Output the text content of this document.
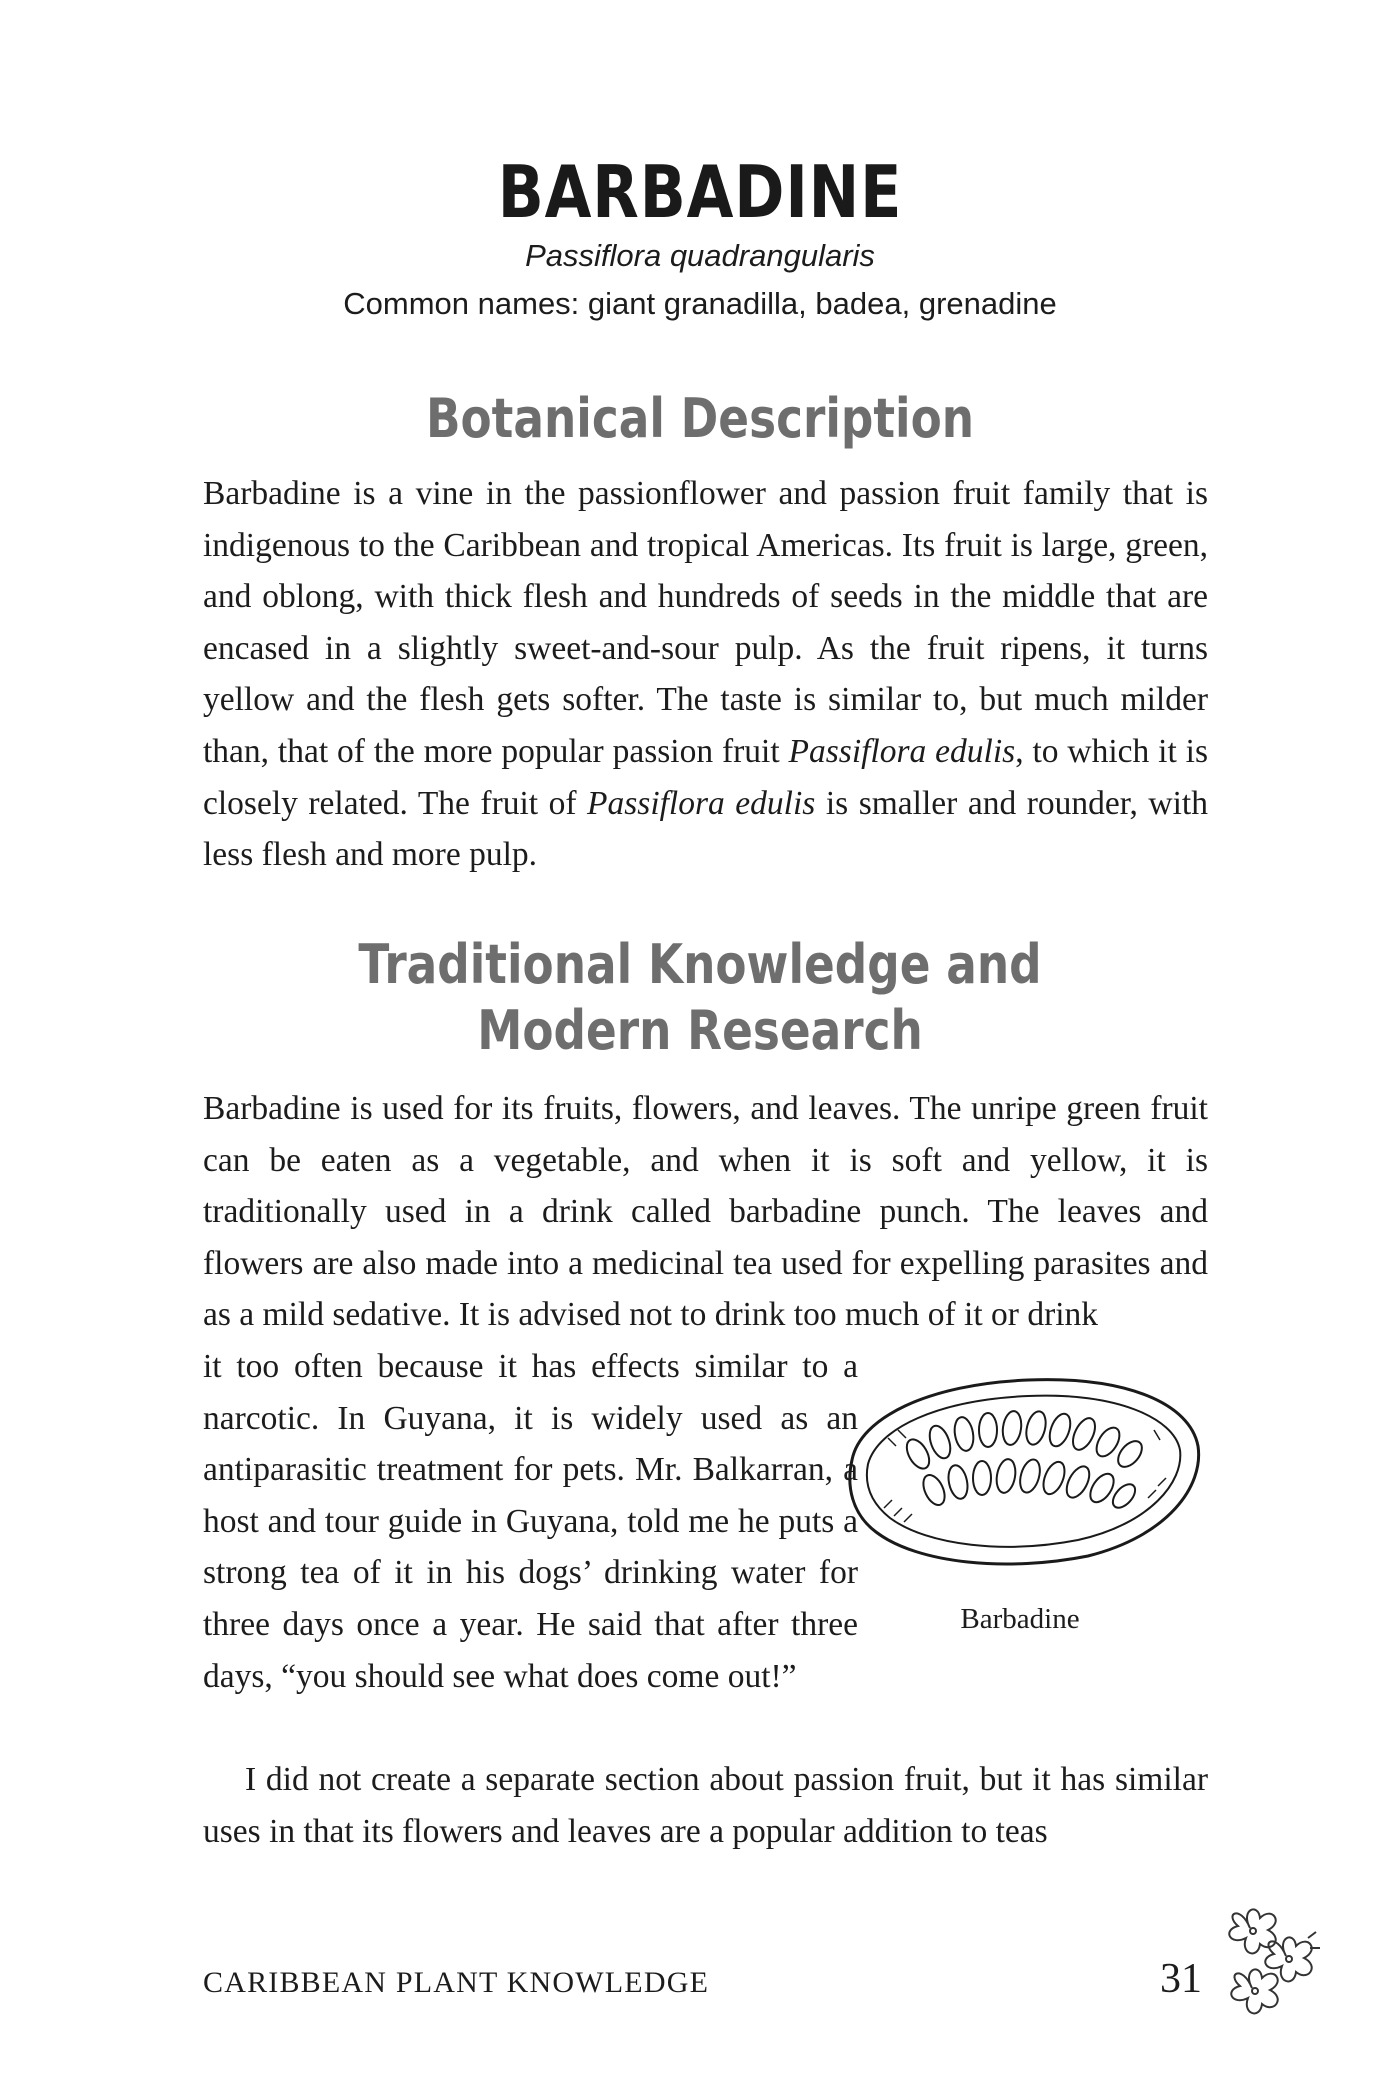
BARBADINE
Passiflora quadrangularis
Common names: giant granadilla, badea, grenadine
Botanical Description

Barbadine is a vine in the passionflower and passion fruit family that is indigenous to the Caribbean and tropical Americas. Its fruit is large, green, and oblong, with thick flesh and hundreds of seeds in the middle that are encased in a slightly sweet-and-sour pulp. As the fruit ripens, it turns yellow and the flesh gets softer. The taste is similar to, but much milder than, that of the more popular passion fruit Passiflora edulis, to which it is closely related. The fruit of Passiflora edulis is smaller and rounder, with less flesh and more pulp.

Traditional Knowledge and
Modern Research

Barbadine is used for its fruits, flowers, and leaves. The unripe green fruit can be eaten as a vegetable, and when it is soft and yellow, it is traditionally used in a drink called barbadine punch. The leaves and flowers are also made into a medicinal tea used for expelling parasites and as a mild sedative. It is advised not to drink too much of it or drink

it too often because it has effects similar to a narcotic. In Guyana, it is widely used as an antiparasitic treatment for pets. Mr. Balkarran, a host and tour guide in Guyana, told me he puts a strong tea of it in his dogs’ drinking water for three days once a year. He said that after three days, “you should see what does come out!”

Barbadine

I did not create a separate section about passion fruit, but it has similar uses in that its flowers and leaves are a popular addition to teas

CARIBBEAN PLANT KNOWLEDGE	31
